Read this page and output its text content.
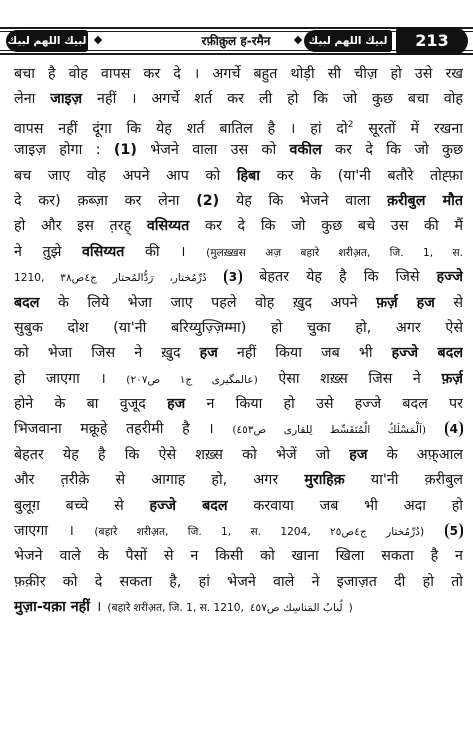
لبيك اللهم لبيك	रफ़ीक़ुल ह-रमैन	لبيك اللهم لبيك	213
बचा है वोह वापस कर दे । अगर्चे बहुत थोड़ी सी चीज़ हो उसे रख
लेना जाइज़ नहीं । अगर्चे शर्त कर ली हो कि जो कुछ बचा वोह
वापस नहीं दूंगा कि येह शर्त बातिल है । हां दो$^2$ सूरतों में रखना
जाइज़ होगा : (1) भेजने वाला उस को वकील कर दे कि जो कुछ
बच जाए वोह अपने आप को हिबा कर के (या'नी बतौरे तोह्फ़ा
दे कर) क़ब्ज़ा कर लेना (2) येह कि भेजने वाला क़रीबुल मौत
हो और इस त़रह् वसिय्यत कर दे कि जो कुछ बचे उस की मैं
ने तुझे वसिय्यत की । (मुलख़्ख़स अज़ बहारे शरीअ़त, जि. 1, स.
1210, دُرِّمُختار، رَدُّالمُحتار ج٤ص٣٨ 3 बेहतर येह है कि जिसे हज्जे
बदल के लिये भेजा जाए पहले वोह ख़ुद अपने फ़र्ज़ हज से
सुबुक दोश (या'नी बरिय्युज़्ज़िम्मा) हो चुका हो, अगर ऐसे
को भेजा जिस ने ख़ुद हज नहीं किया जब भी हज्जे बदल
हो जाएगा । (عالمگیری ج١ ص٢٠٧) ऐसा शख़्स जिस ने फ़र्ज़
होने के बा वुजूद हज न किया हो उसे हज्जे बदल पर
भिजवाना मक्रूहे तहरीमी है । (اَلْمَسْلَكُ الْمُتَقَسِّط لِلقاری ص٤٥٣) 4
बेहतर येह है कि ऐसे शख़्स को भेजें जो हज के अफ़्आल
और त़रीक़े से आगाह हो, अगर मुराहिक़ या'नी क़रीबुल
बुलूग़ बच्चे से हज्जे बदल करवाया जब भी अदा हो
जाएगा । (बहारे शरीअ़त, जि. 1, स. 1204, دُرِّمُختار ج٤ص٢٥) 5
भेजने वाले के पैसों से न किसी को खाना खिला सकता है न
फ़क़ीर को दे सकता है, हां भेजने वाले ने इजाज़त दी हो तो
मुज़ा-यक़ा नहीं । (बहारे शरीअ़त, जि. 1, स. 1210, لُبابُ المَناسِك ص٤٥٧ )
